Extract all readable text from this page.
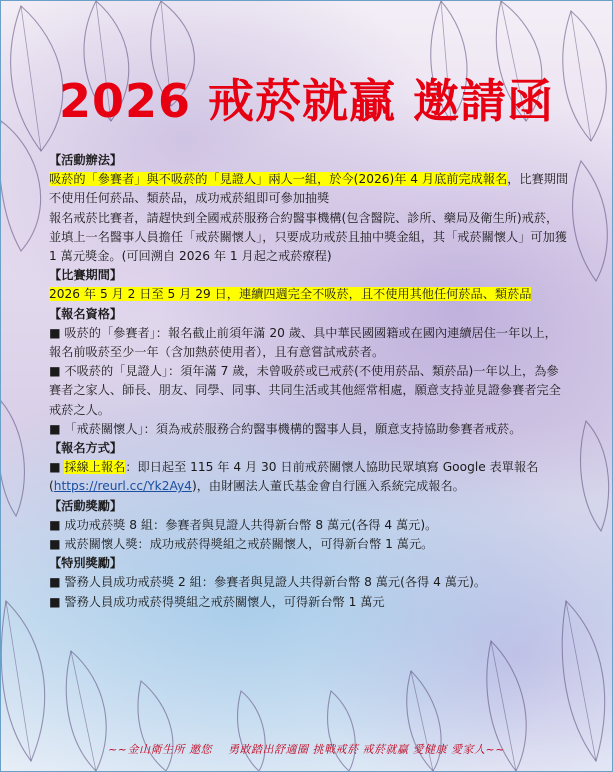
2026 戒菸就贏 邀請函

【活動辦法】

吸菸的「參賽者」與不吸菸的「見證人」兩人一組，於今(2026)年 4 月底前完成報名，比賽期間不使用任何菸品、類菸品，成功戒菸組即可參加抽獎

報名戒菸比賽者，請趕快到全國戒菸服務合約醫事機構(包含醫院、診所、藥局及衛生所)戒菸，並填上一名醫事人員擔任「戒菸關懷人」，只要成功戒菸且抽中獎金組，其「戒菸關懷人」可加獲 1 萬元獎金。(可回溯自 2026 年 1 月起之戒菸療程)

【比賽期間】

2026 年 5 月 2 日至 5 月 29 日，連續四週完全不吸菸，且不使用其他任何菸品、類菸品

【報名資格】

■ 吸菸的「參賽者」：報名截止前須年滿 20 歲、具中華民國國籍或在國內連續居住一年以上，報名前吸菸至少一年（含加熱菸使用者），且有意嘗試戒菸者。

■ 不吸菸的「見證人」：須年滿 7 歲，未曾吸菸或已戒菸(不使用菸品、類菸品)一年以上，為參賽者之家人、師長、朋友、同學、同事、共同生活或其他經常相處，願意支持並見證參賽者完全戒菸之人。

■ 「戒菸關懷人」：須為戒菸服務合約醫事機構的醫事人員，願意支持協助參賽者戒菸。

【報名方式】

■ 採線上報名：即日起至 115 年 4 月 30 日前戒菸關懷人協助民眾填寫 Google 表單報名(https://reurl.cc/Yk2Ay4)，由財團法人董氏基金會自行匯入系統完成報名。

【活動獎勵】

■ 成功戒菸獎 8 組：參賽者與見證人共得新台幣 8 萬元(各得 4 萬元)。

■ 戒菸關懷人獎：成功戒菸得獎組之戒菸關懷人，可得新台幣 1 萬元。

【特別獎勵】

■ 警務人員成功戒菸獎 2 組：參賽者與見證人共得新台幣 8 萬元(各得 4 萬元)。

■ 警務人員成功戒菸得獎組之戒菸關懷人，可得新台幣 1 萬元

~~金山衛生所 邀您    勇敢踏出舒適圈 挑戰戒菸 戒菸就贏 愛健康 愛家人~~
